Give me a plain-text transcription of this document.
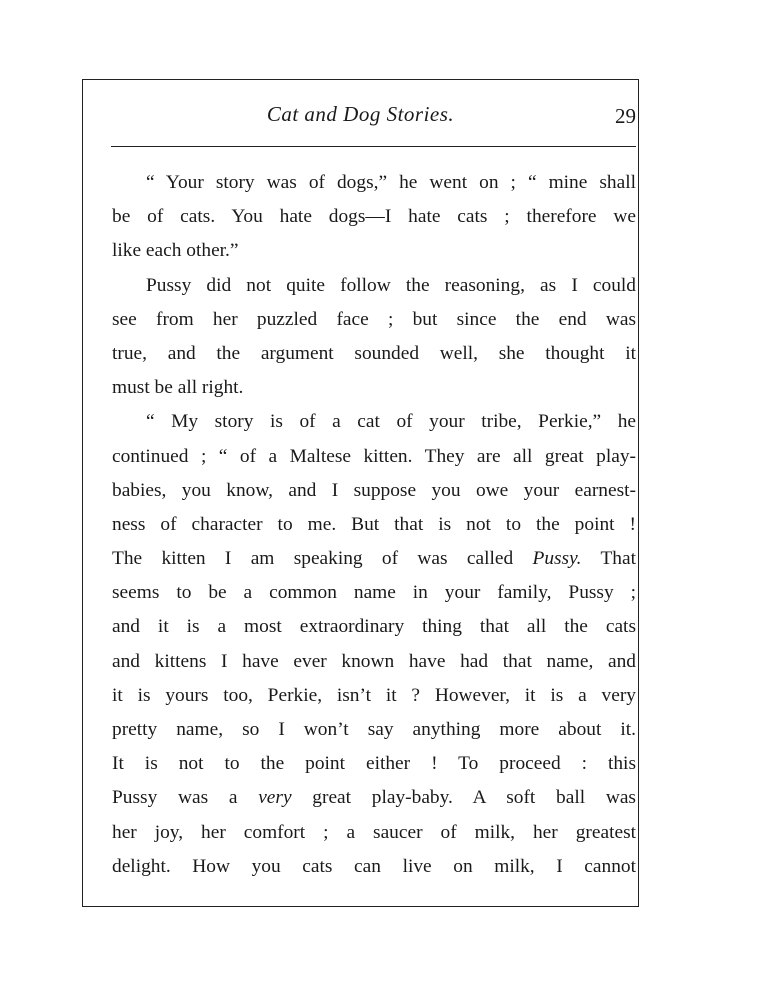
Cat and Dog Stories.	29
“ Your story was of dogs,” he went on ; “ mine shall
be of cats. You hate dogs—I hate cats ; therefore we
like each other.”
Pussy did not quite follow the reasoning, as I could
see from her puzzled face ; but since the end was
true, and the argument sounded well, she thought it
must be all right.
“ My story is of a cat of your tribe, Perkie,” he
continued ; “ of a Maltese kitten. They are all great play-
babies, you know, and I suppose you owe your earnest-
ness of character to me. But that is not to the point !
The kitten I am speaking of was called Pussy. That
seems to be a common name in your family, Pussy ;
and it is a most extraordinary thing that all the cats
and kittens I have ever known have had that name, and
it is yours too, Perkie, isn’t it ? However, it is a very
pretty name, so I won’t say anything more about it.
It is not to the point either ! To proceed : this
Pussy was a very great play-baby. A soft ball was
her joy, her comfort ; a saucer of milk, her greatest
delight. How you cats can live on milk, I cannot
